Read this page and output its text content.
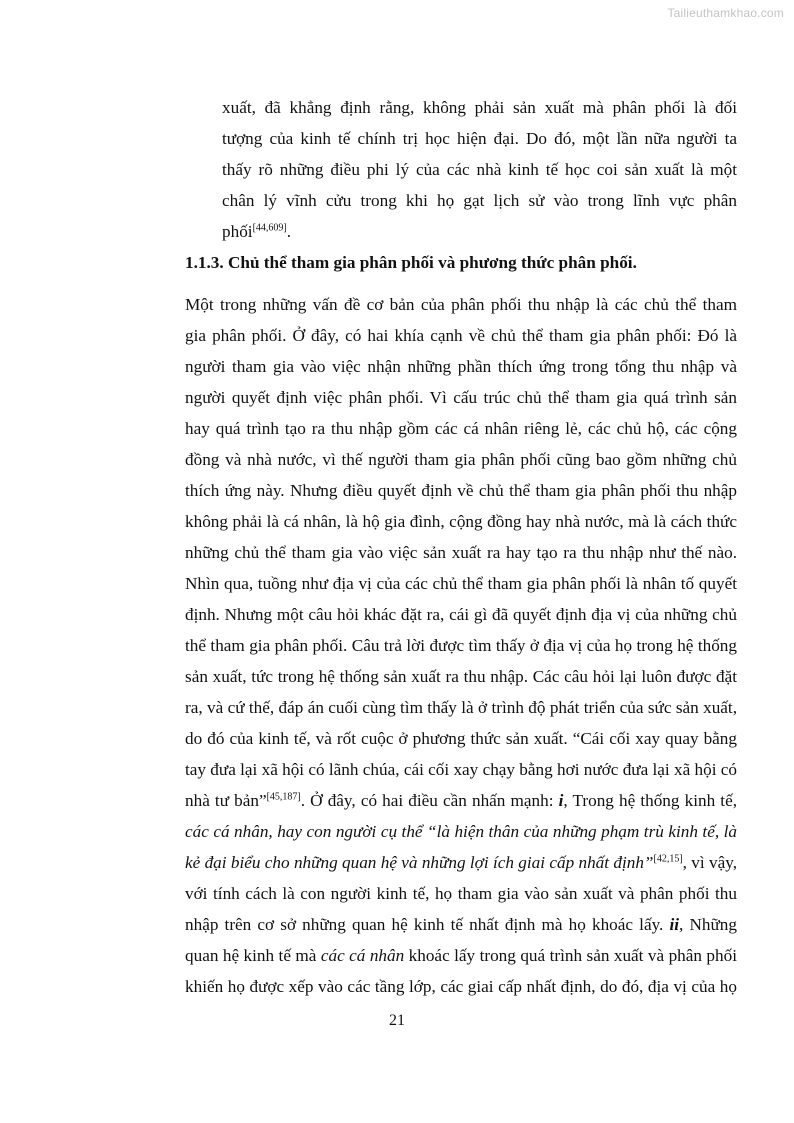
Tailieuthamkhao.com
xuất, đã khẳng định rằng, không phải sản xuất mà phân phối là đối
tượng của kinh tế chính trị học hiện đại. Do đó, một lần nữa người ta
thấy rõ những điều phi lý của các nhà kinh tế học coi sản xuất là một
chân lý vĩnh cửu trong khi họ gạt lịch sử vào trong lĩnh vực phân
phối[44,609].
1.1.3. Chủ thể tham gia phân phối và phương thức phân phối.
Một trong những vấn đề cơ bản của phân phối thu nhập là các chủ thể tham
gia phân phối. Ở đây, có hai khía cạnh về chủ thể tham gia phân phối: Đó là
người tham gia vào việc nhận những phần thích ứng trong tổng thu nhập và
người quyết định việc phân phối. Vì cấu trúc chủ thể tham gia quá trình sản
hay quá trình tạo ra thu nhập gồm các cá nhân riêng lẻ, các chủ hộ, các cộng
đồng và nhà nước, vì thế người tham gia phân phối cũng bao gồm những chủ
thích ứng này. Nhưng điều quyết định về chủ thể tham gia phân phối thu nhập
không phải là cá nhân, là hộ gia đình, cộng đồng hay nhà nước, mà là cách thức
những chủ thể tham gia vào việc sản xuất ra hay tạo ra thu nhập như thế nào.
Nhìn qua, tuồng như địa vị của các chủ thể tham gia phân phối là nhân tố quyết
định. Nhưng một câu hỏi khác đặt ra, cái gì đã quyết định địa vị của những chủ
thể tham gia phân phối. Câu trả lời được tìm thấy ở địa vị của họ trong hệ thống
sản xuất, tức trong hệ thống sản xuất ra thu nhập. Các câu hỏi lại luôn được đặt
ra, và cứ thế, đáp án cuối cùng tìm thấy là ở trình độ phát triển của sức sản xuất,
do đó của kinh tế, và rốt cuộc ở phương thức sản xuất. “Cái cối xay quay bằng
tay đưa lại xã hội có lãnh chúa, cái cối xay chạy bằng hơi nước đưa lại xã hội có
nhà tư bản”[45,187]. Ở đây, có hai điều cần nhấn mạnh: i, Trong hệ thống kinh tế,
các cá nhân, hay con người cụ thể “là hiện thân của những phạm trù kinh tế, là
kẻ đại biểu cho những quan hệ và những lợi ích giai cấp nhất định”[42,15], vì vậy,
với tính cách là con người kinh tế, họ tham gia vào sản xuất và phân phối thu
nhập trên cơ sở những quan hệ kinh tế nhất định mà họ khoác lấy. ii, Những
quan hệ kinh tế mà các cá nhân khoác lấy trong quá trình sản xuất và phân phối
khiến họ được xếp vào các tầng lớp, các giai cấp nhất định, do đó, địa vị của họ
21
